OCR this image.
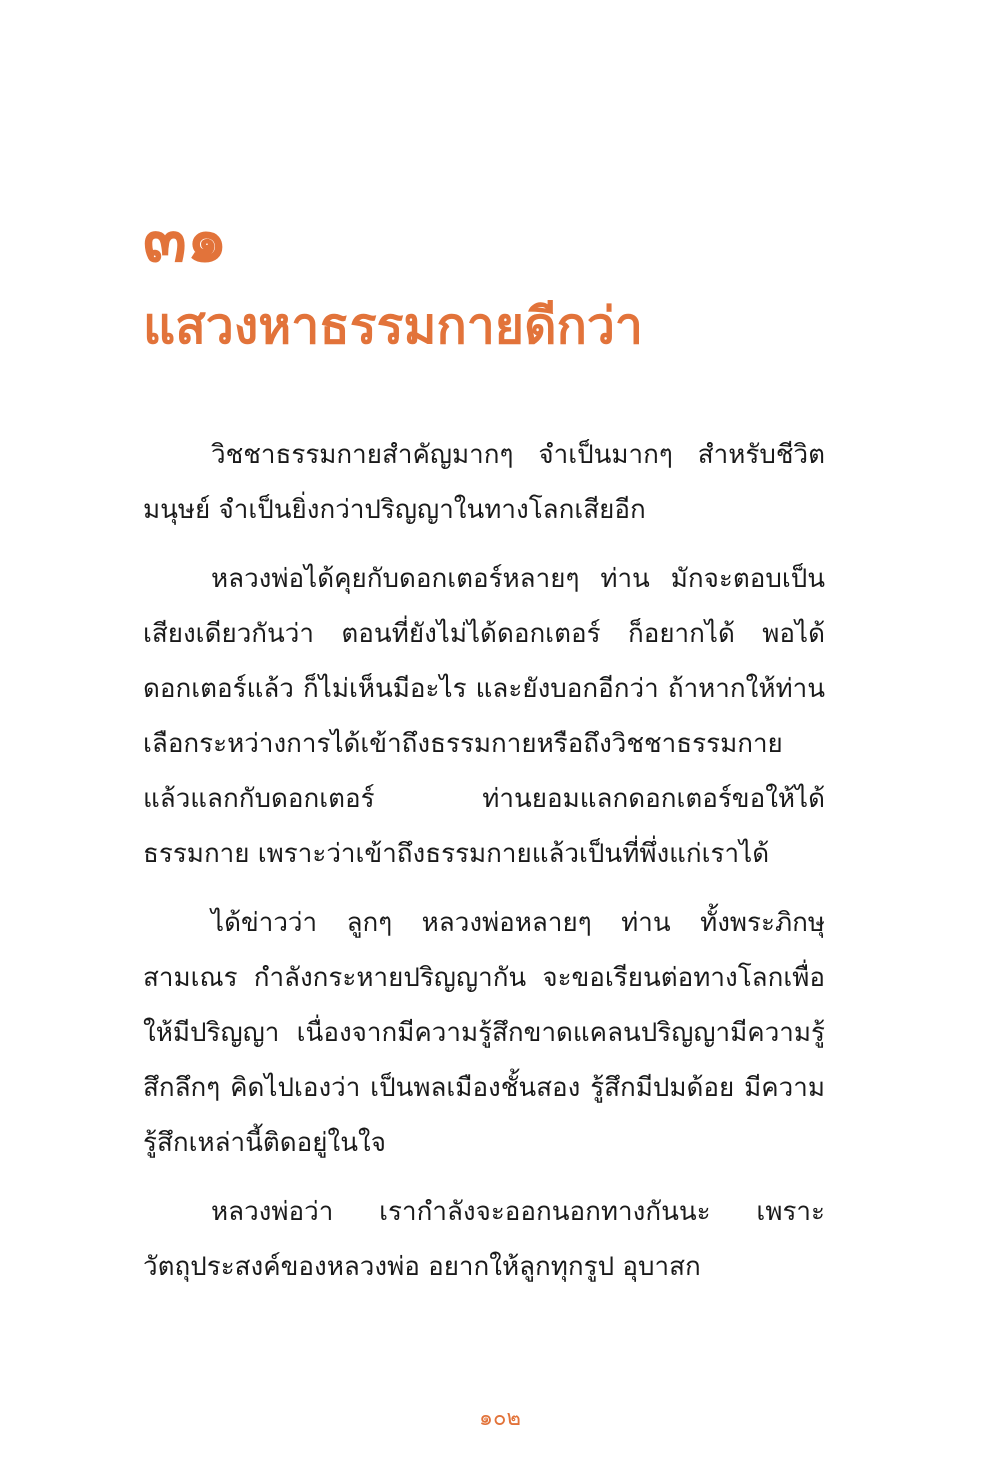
๓๑
แสวงหาธรรมกายดีกว่า

วิชชาธรรมกายสำคัญมากๆ จำเป็นมากๆ สำหรับชีวิตมนุษย์ จำเป็นยิ่งกว่าปริญญาในทางโลกเสียอีก

หลวงพ่อได้คุยกับดอกเตอร์หลายๆ ท่าน มักจะตอบเป็นเสียงเดียวกันว่า ตอนที่ยังไม่ได้ดอกเตอร์ ก็อยากได้ พอได้ดอกเตอร์แล้ว ก็ไม่เห็นมีอะไร และยังบอกอีกว่า ถ้าหากให้ท่านเลือกระหว่างการได้เข้าถึงธรรมกายหรือถึงวิชชาธรรมกาย แล้วแลกกับดอกเตอร์ ท่านยอมแลกดอกเตอร์ขอให้ได้ธรรมกาย เพราะว่าเข้าถึงธรรมกายแล้วเป็นที่พึ่งแก่เราได้

ได้ข่าวว่า ลูกๆ หลวงพ่อหลายๆ ท่าน ทั้งพระภิกษุสามเณร กำลังกระหายปริญญากัน จะขอเรียนต่อทางโลกเพื่อให้มีปริญญา เนื่องจากมีความรู้สึกขาดแคลนปริญญามีความรู้สึกลึกๆ คิดไปเองว่า เป็นพลเมืองชั้นสอง รู้สึกมีปมด้อย มีความรู้สึกเหล่านี้ติดอยู่ในใจ

หลวงพ่อว่า เรากำลังจะออกนอกทางกันนะ เพราะวัตถุประสงค์ของหลวงพ่อ อยากให้ลูกทุกรูป อุบาสก

๑๐๒
